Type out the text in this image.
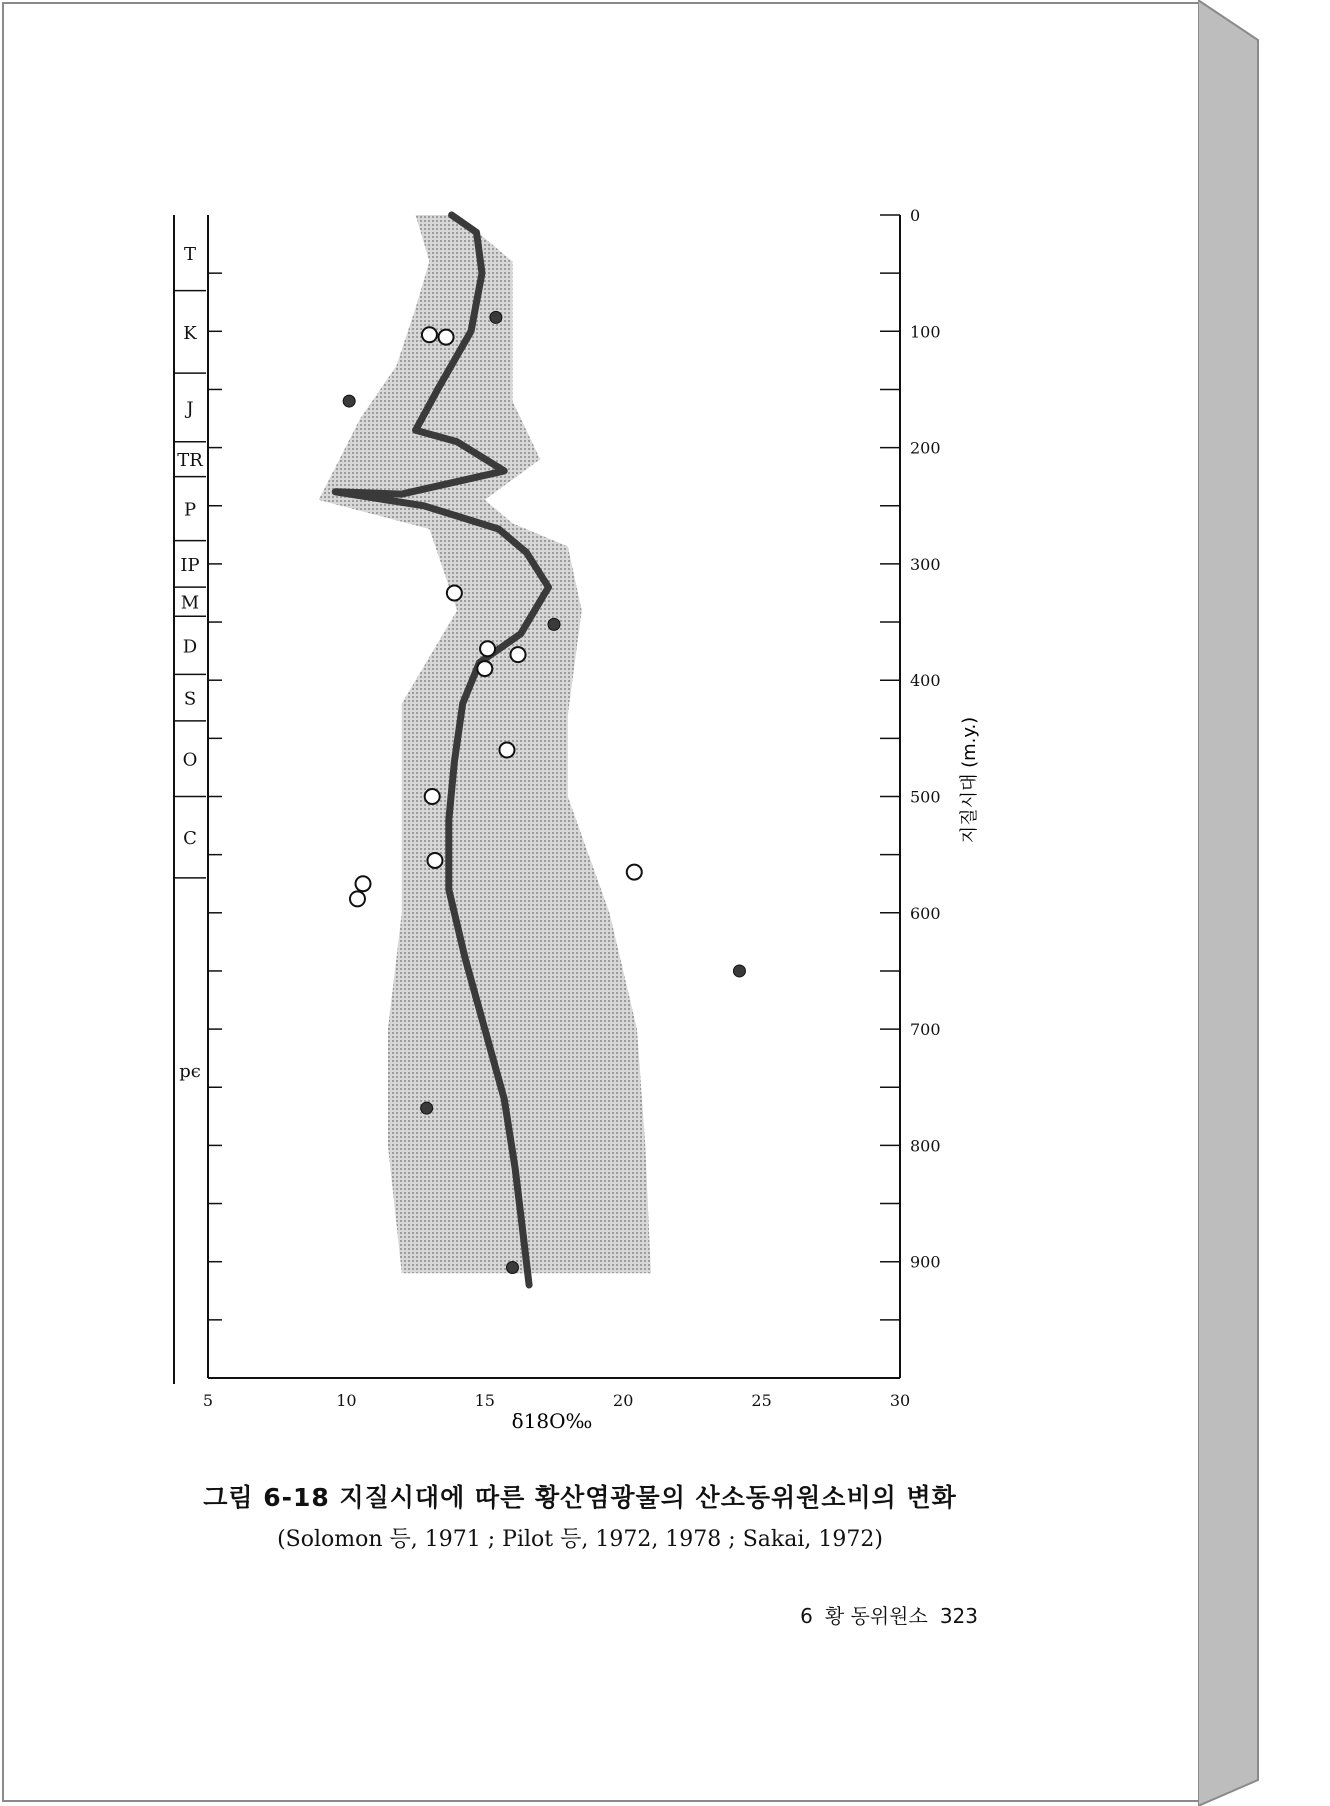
T
K
J
TR
P
IP
M
D
S
O
C
pє
0
100
200
300
400
500
600
700
800
900
5	10	15	20	25	30
δ18O‰
지질시대 (m.y.)
그림 6-18 지질시대에 따른 황산염광물의 산소동위원소비의 변화
(Solomon 등, 1971 ; Pilot 등, 1972, 1978 ; Sakai, 1972)
6 황 동위원소 323
